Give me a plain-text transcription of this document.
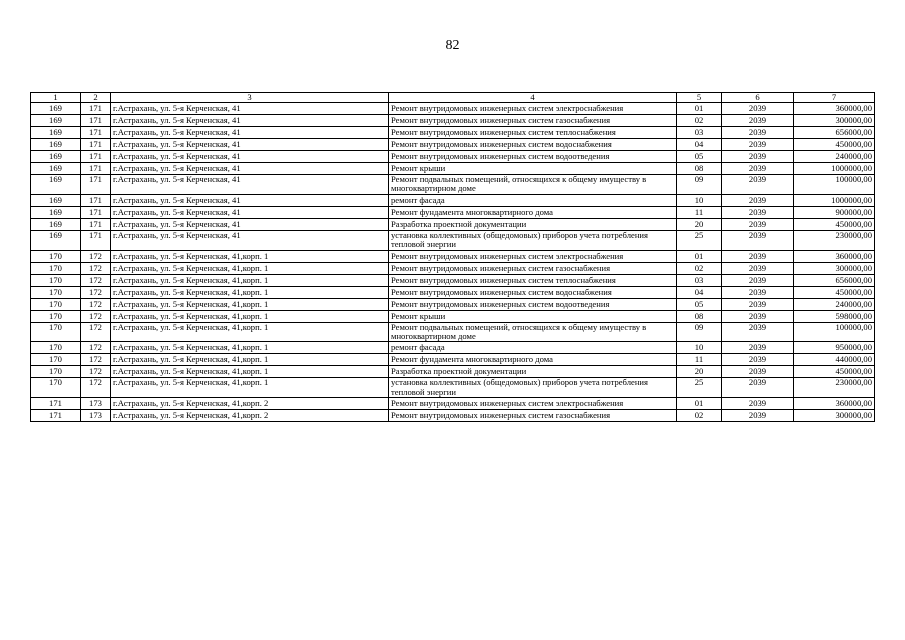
82
1	2	3	4	5	6	7
169	171	г.Астрахань, ул. 5-я Керченская, 41	Ремонт внутридомовых инженерных систем электроснабжения	01	2039	360000,00
169	171	г.Астрахань, ул. 5-я Керченская, 41	Ремонт внутридомовых инженерных систем газоснабжения	02	2039	300000,00
169	171	г.Астрахань, ул. 5-я Керченская, 41	Ремонт внутридомовых инженерных систем теплоснабжения	03	2039	656000,00
169	171	г.Астрахань, ул. 5-я Керченская, 41	Ремонт внутридомовых инженерных систем водоснабжения	04	2039	450000,00
169	171	г.Астрахань, ул. 5-я Керченская, 41	Ремонт внутридомовых инженерных систем водоотведения	05	2039	240000,00
169	171	г.Астрахань, ул. 5-я Керченская, 41	Ремонт крыши	08	2039	1000000,00
169	171	г.Астрахань, ул. 5-я Керченская, 41	Ремонт подвальных помещений, относящихся к общему имуществу в многоквартирном доме	09	2039	100000,00
169	171	г.Астрахань, ул. 5-я Керченская, 41	ремонт фасада	10	2039	1000000,00
169	171	г.Астрахань, ул. 5-я Керченская, 41	Ремонт фундамента многоквартирного дома	11	2039	900000,00
169	171	г.Астрахань, ул. 5-я Керченская, 41	Разработка проектной документации	20	2039	450000,00
169	171	г.Астрахань, ул. 5-я Керченская, 41	установка коллективных (общедомовых) приборов учета потребления тепловой энергии	25	2039	230000,00
170	172	г.Астрахань, ул. 5-я Керченская, 41,корп. 1	Ремонт внутридомовых инженерных систем электроснабжения	01	2039	360000,00
170	172	г.Астрахань, ул. 5-я Керченская, 41,корп. 1	Ремонт внутридомовых инженерных систем газоснабжения	02	2039	300000,00
170	172	г.Астрахань, ул. 5-я Керченская, 41,корп. 1	Ремонт внутридомовых инженерных систем теплоснабжения	03	2039	656000,00
170	172	г.Астрахань, ул. 5-я Керченская, 41,корп. 1	Ремонт внутридомовых инженерных систем водоснабжения	04	2039	450000,00
170	172	г.Астрахань, ул. 5-я Керченская, 41,корп. 1	Ремонт внутридомовых инженерных систем водоотведения	05	2039	240000,00
170	172	г.Астрахань, ул. 5-я Керченская, 41,корп. 1	Ремонт крыши	08	2039	598000,00
170	172	г.Астрахань, ул. 5-я Керченская, 41,корп. 1	Ремонт подвальных помещений, относящихся к общему имуществу в многоквартирном доме	09	2039	100000,00
170	172	г.Астрахань, ул. 5-я Керченская, 41,корп. 1	ремонт фасада	10	2039	950000,00
170	172	г.Астрахань, ул. 5-я Керченская, 41,корп. 1	Ремонт фундамента многоквартирного дома	11	2039	440000,00
170	172	г.Астрахань, ул. 5-я Керченская, 41,корп. 1	Разработка проектной документации	20	2039	450000,00
170	172	г.Астрахань, ул. 5-я Керченская, 41,корп. 1	установка коллективных (общедомовых) приборов учета потребления тепловой энергии	25	2039	230000,00
171	173	г.Астрахань, ул. 5-я Керченская, 41,корп. 2	Ремонт внутридомовых инженерных систем электроснабжения	01	2039	360000,00
171	173	г.Астрахань, ул. 5-я Керченская, 41,корп. 2	Ремонт внутридомовых инженерных систем газоснабжения	02	2039	300000,00
